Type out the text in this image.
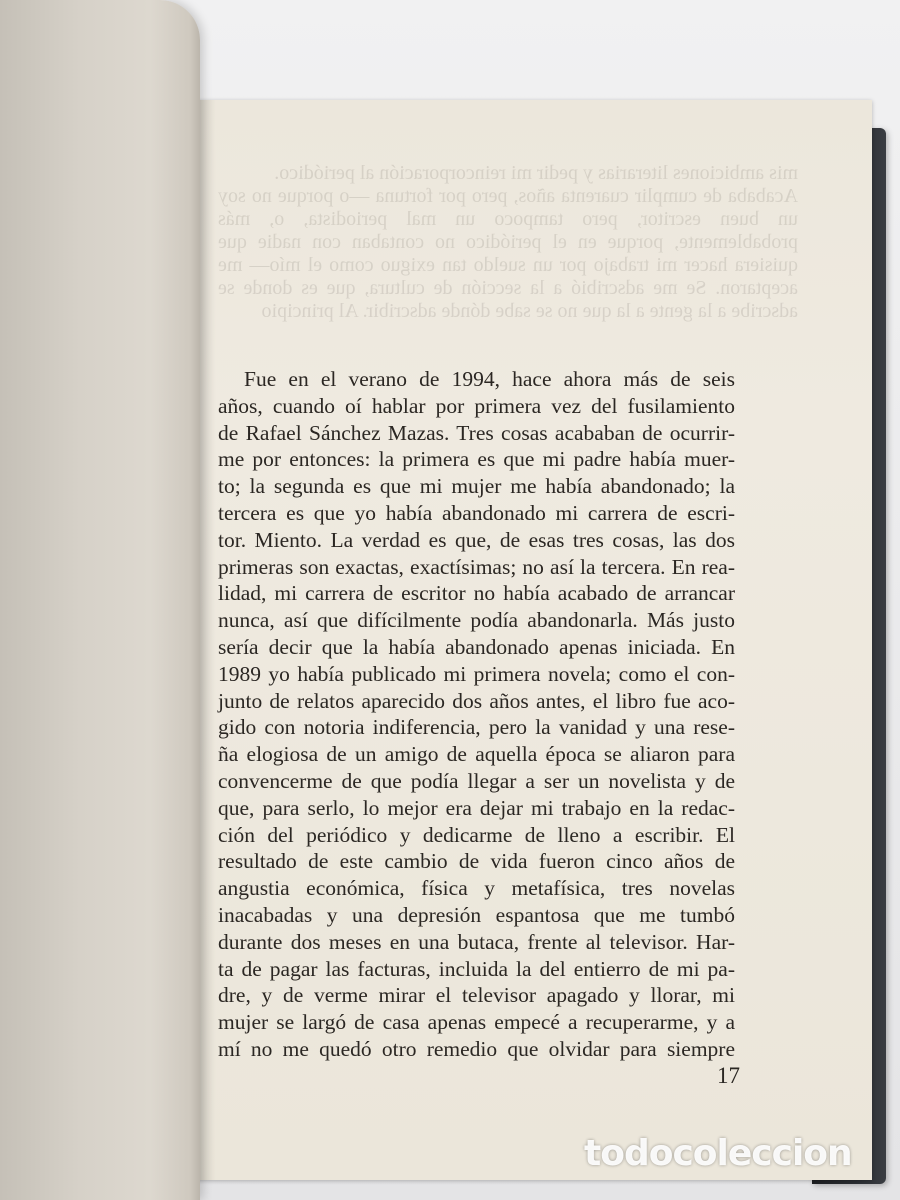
mis ambiciones literarias y pedir mi reincorporación al periódico.
Acababa de cumplir cuarenta años, pero por fortuna —o porque no soy un buen escritor, pero tampoco un mal periodista, o, más probablemente, porque en el periódico no contaban con nadie que quisiera hacer mi trabajo por un sueldo tan exiguo como el mío— me aceptaron. Se me adscribió a la sección de cultura, que es donde se adscribe a la gente a la que no se sabe dónde adscribir. Al principio
Fue en el verano de 1994, hace ahora más de seis
años, cuando oí hablar por primera vez del fusilamiento
de Rafael Sánchez Mazas. Tres cosas acababan de ocurrir-
me por entonces: la primera es que mi padre había muer-
to; la segunda es que mi mujer me había abandonado; la
tercera es que yo había abandonado mi carrera de escri-
tor. Miento. La verdad es que, de esas tres cosas, las dos
primeras son exactas, exactísimas; no así la tercera. En rea-
lidad, mi carrera de escritor no había acabado de arrancar
nunca, así que difícilmente podía abandonarla. Más justo
sería decir que la había abandonado apenas iniciada. En
1989 yo había publicado mi primera novela; como el con-
junto de relatos aparecido dos años antes, el libro fue aco-
gido con notoria indiferencia, pero la vanidad y una rese-
ña elogiosa de un amigo de aquella época se aliaron para
convencerme de que podía llegar a ser un novelista y de
que, para serlo, lo mejor era dejar mi trabajo en la redac-
ción del periódico y dedicarme de lleno a escribir. El
resultado de este cambio de vida fueron cinco años de
angustia económica, física y metafísica, tres novelas
inacabadas y una depresión espantosa que me tumbó
durante dos meses en una butaca, frente al televisor. Har-
ta de pagar las facturas, incluida la del entierro de mi pa-
dre, y de verme mirar el televisor apagado y llorar, mi
mujer se largó de casa apenas empecé a recuperarme, y a
mí no me quedó otro remedio que olvidar para siempre
17
todocoleccion
